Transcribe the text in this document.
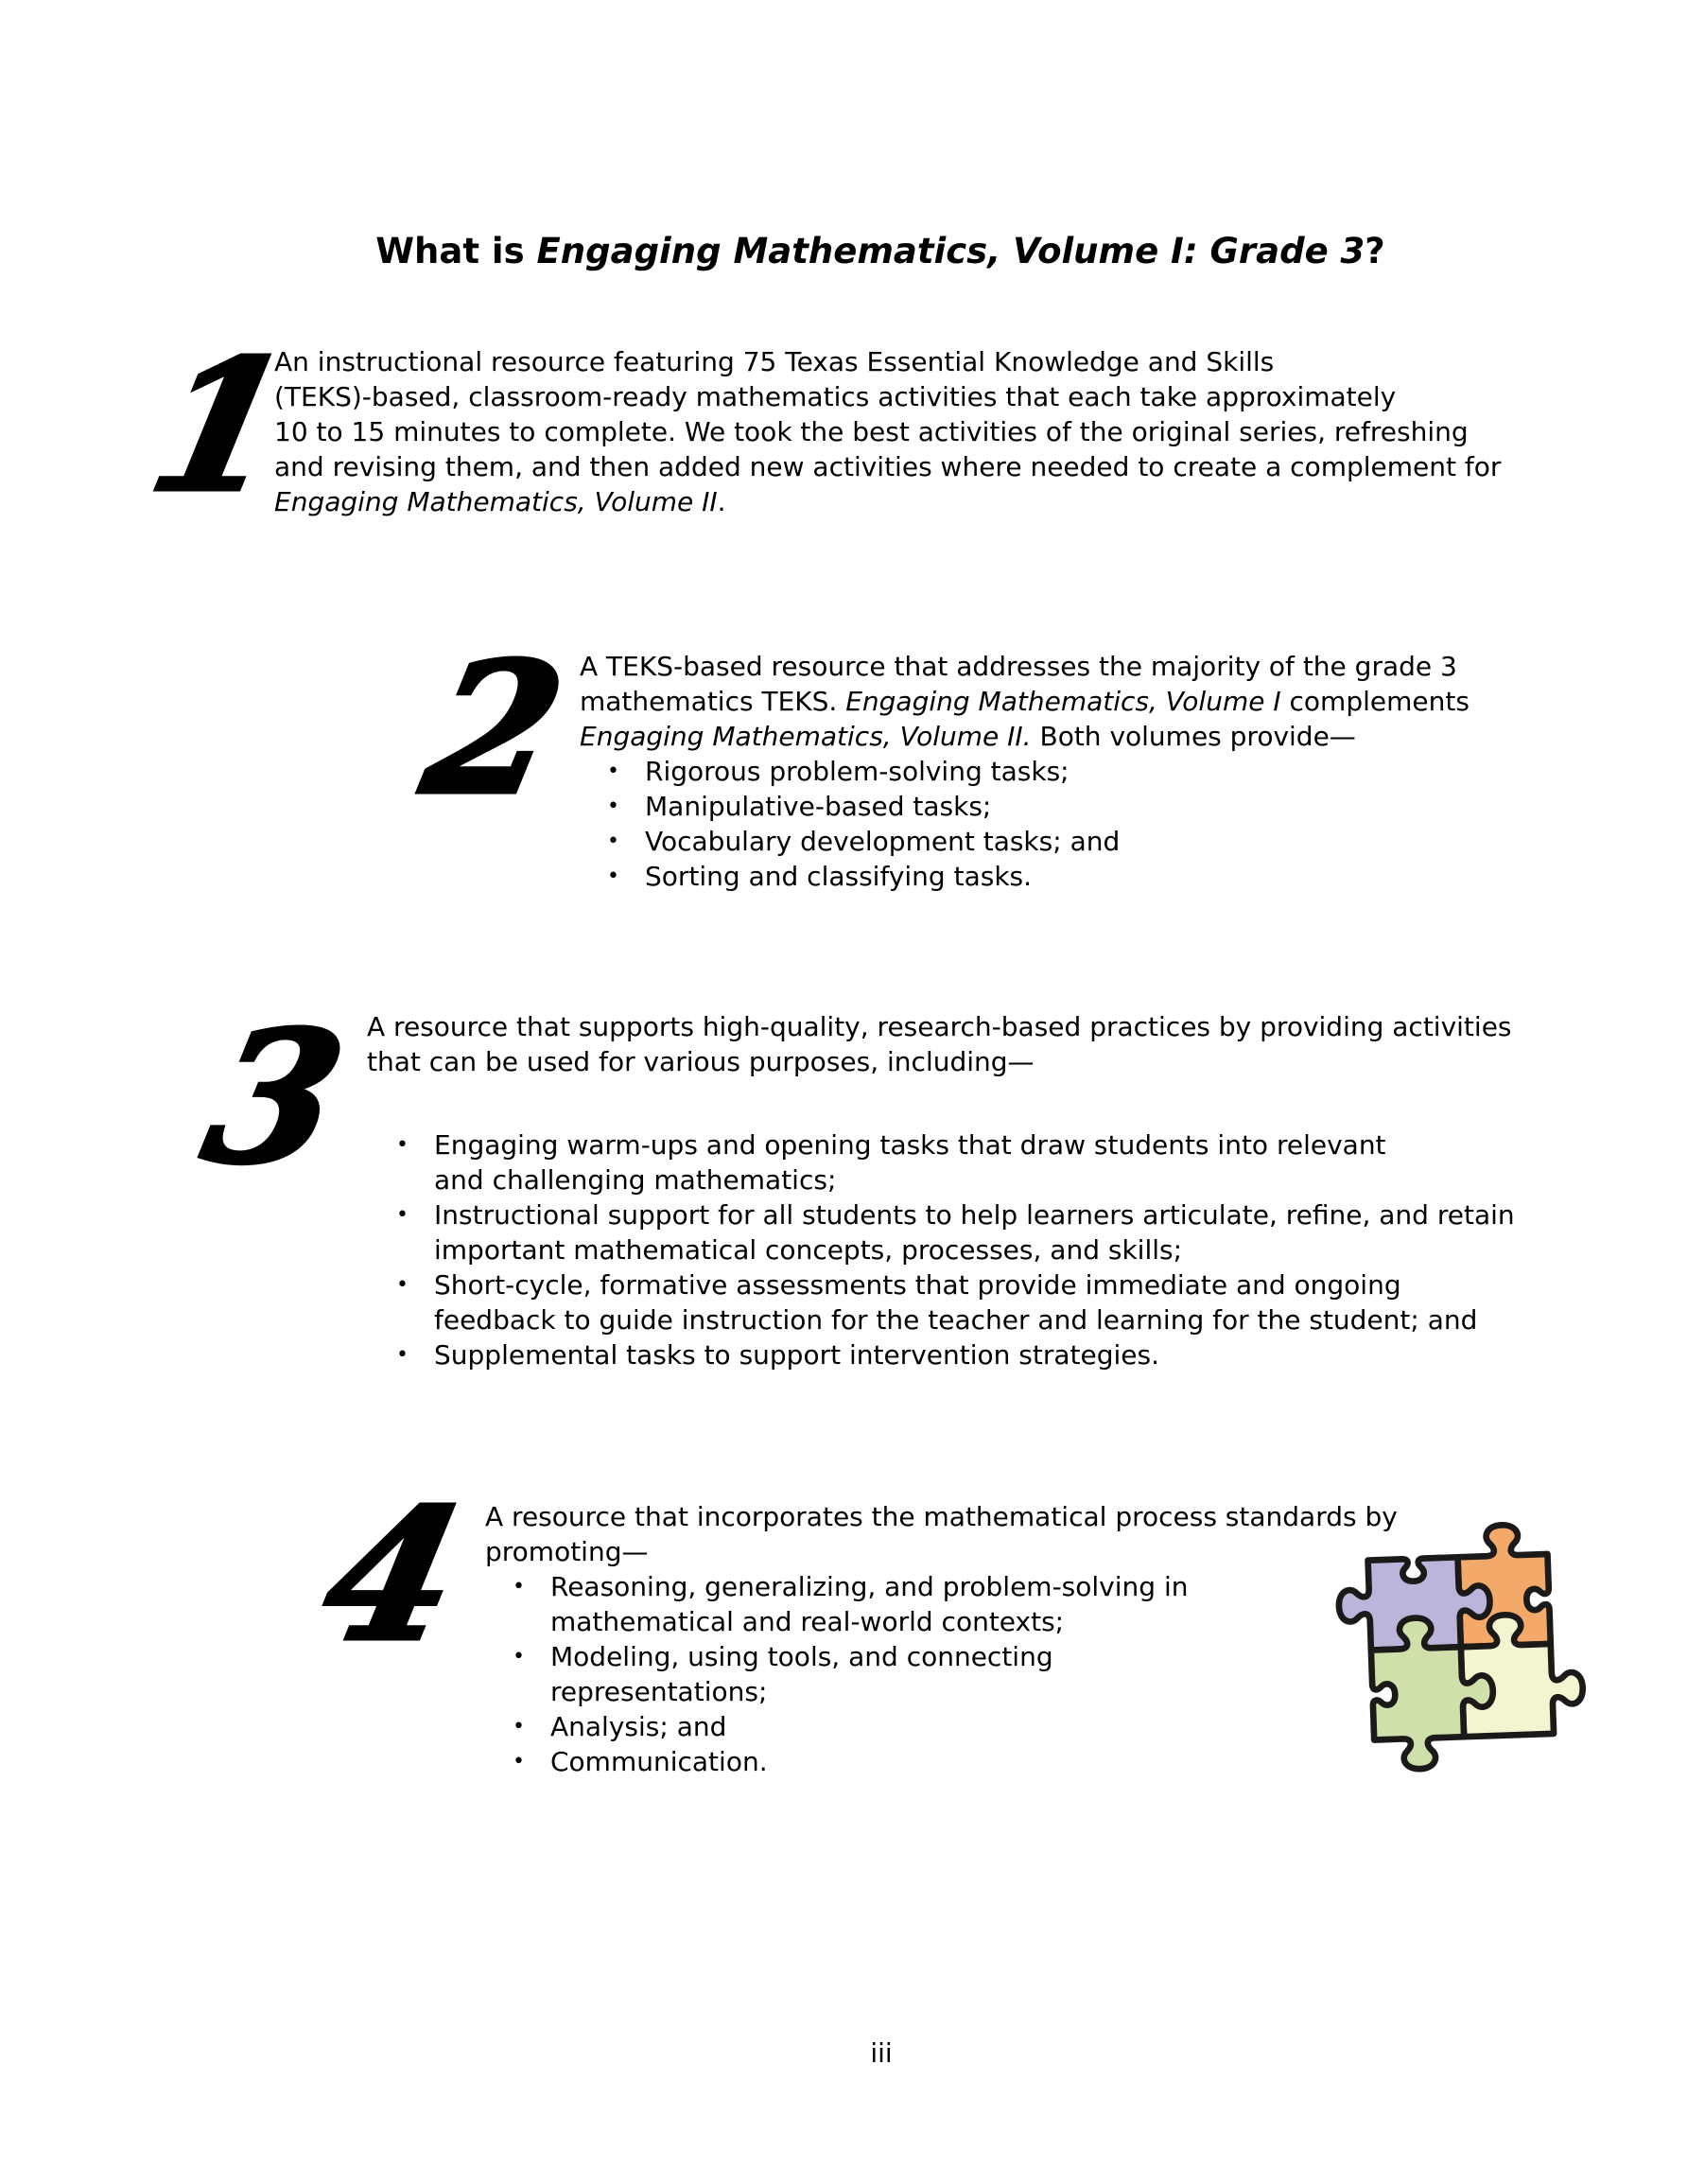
What is Engaging Mathematics, Volume I: Grade 3?
1
An instructional resource featuring 75 Texas Essential Knowledge and Skills
(TEKS)-based, classroom-ready mathematics activities that each take approximately
10 to 15 minutes to complete. We took the best activities of the original series, refreshing
and revising them, and then added new activities where needed to create a complement for
Engaging Mathematics, Volume II.
2 A TEKS-based resource that addresses the majority of the grade 3
mathematics TEKS. Engaging Mathematics, Volume I complements
Engaging Mathematics, Volume II. Both volumes provide—
• Rigorous problem-solving tasks;
• Manipulative-based tasks;
• Vocabulary development tasks; and
• Sorting and classifying tasks.
3 A resource that supports high-quality, research-based practices by providing activities
that can be used for various purposes, including—
• Engaging warm-ups and opening tasks that draw students into relevant
and challenging mathematics;
• Instructional support for all students to help learners articulate, refine, and retain
important mathematical concepts, processes, and skills;
• Short-cycle, formative assessments that provide immediate and ongoing
feedback to guide instruction for the teacher and learning for the student; and
• Supplemental tasks to support intervention strategies.
4 A resource that incorporates the mathematical process standards by
promoting—
• Reasoning, generalizing, and problem-solving in
mathematical and real-world contexts;
• Modeling, using tools, and connecting
representations;
• Analysis; and
• Communication.
iii
